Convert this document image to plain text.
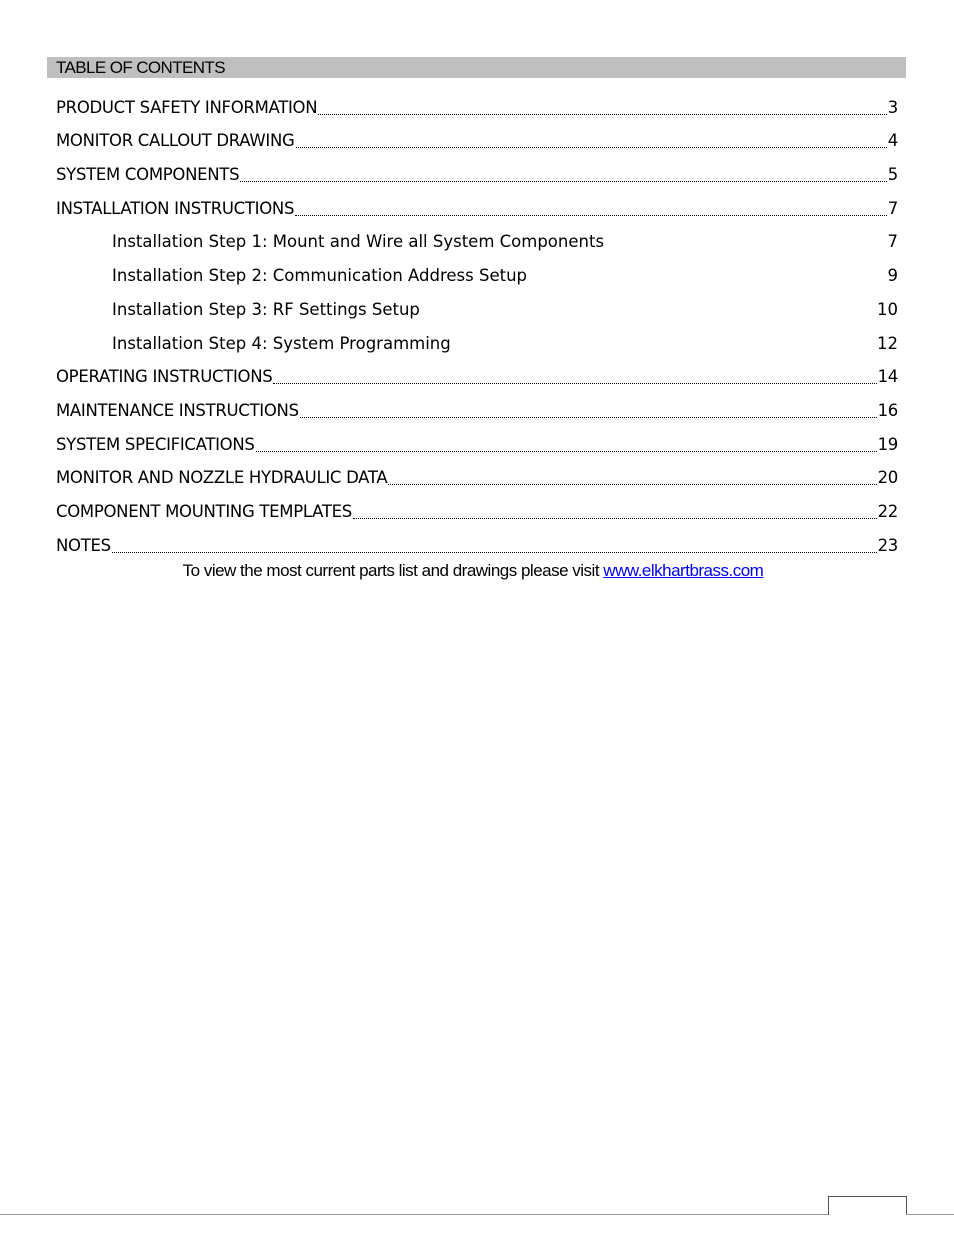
TABLE OF CONTENTS
PRODUCT SAFETY INFORMATION	3
MONITOR CALLOUT DRAWING	4
SYSTEM COMPONENTS	5
INSTALLATION INSTRUCTIONS	7
Installation Step 1: Mount and Wire all System Components	7
Installation Step 2: Communication Address Setup	9
Installation Step 3: RF Settings Setup	10
Installation Step 4: System Programming	12
OPERATING INSTRUCTIONS	14
MAINTENANCE INSTRUCTIONS	16
SYSTEM SPECIFICATIONS	19
MONITOR AND NOZZLE HYDRAULIC DATA	20
COMPONENT MOUNTING TEMPLATES	22
NOTES	23
To view the most current parts list and drawings please visit www.elkhartbrass.com
